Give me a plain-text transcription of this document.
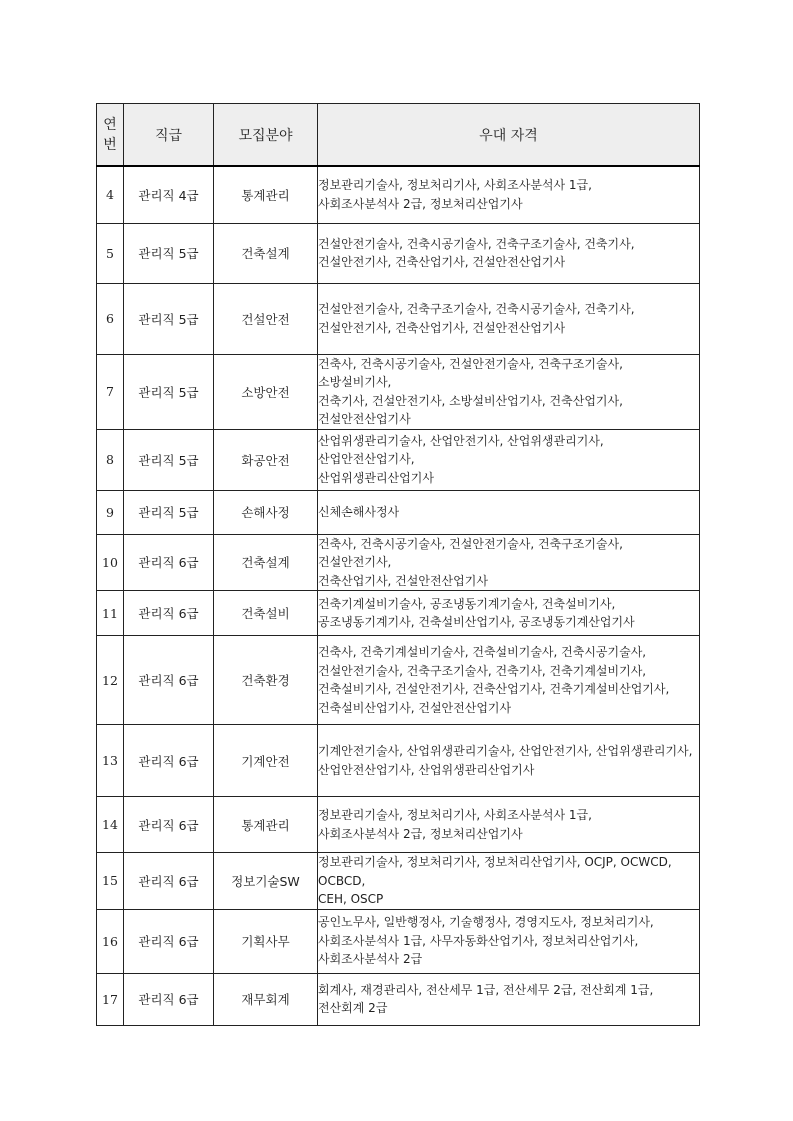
연
번	직급	모집분야	우대 자격
4	관리직 4급	통계관리	정보관리기술사, 정보처리기사, 사회조사분석사 1급,
사회조사분석사 2급, 정보처리산업기사
5	관리직 5급	건축설계	건설안전기술사, 건축시공기술사, 건축구조기술사, 건축기사,
건설안전기사, 건축산업기사, 건설안전산업기사
6	관리직 5급	건설안전	건설안전기술사, 건축구조기술사, 건축시공기술사, 건축기사,
건설안전기사, 건축산업기사, 건설안전산업기사
7	관리직 5급	소방안전	건축사, 건축시공기술사, 건설안전기술사, 건축구조기술사, 소방설비기사,
건축기사, 건설안전기사, 소방설비산업기사, 건축산업기사,
건설안전산업기사
8	관리직 5급	화공안전	산업위생관리기술사, 산업안전기사, 산업위생관리기사, 산업안전산업기사,
산업위생관리산업기사
9	관리직 5급	손해사정	신체손해사정사
10	관리직 6급	건축설계	건축사, 건축시공기술사, 건설안전기술사, 건축구조기술사, 건설안전기사,
건축산업기사, 건설안전산업기사
11	관리직 6급	건축설비	건축기계설비기술사, 공조냉동기계기술사, 건축설비기사,
공조냉동기계기사, 건축설비산업기사, 공조냉동기계산업기사
12	관리직 6급	건축환경	건축사, 건축기계설비기술사, 건축설비기술사, 건축시공기술사,
건설안전기술사, 건축구조기술사, 건축기사, 건축기계설비기사,
건축설비기사, 건설안전기사, 건축산업기사, 건축기계설비산업기사,
건축설비산업기사, 건설안전산업기사
13	관리직 6급	기계안전	기계안전기술사, 산업위생관리기술사, 산업안전기사, 산업위생관리기사,
산업안전산업기사, 산업위생관리산업기사
14	관리직 6급	통계관리	정보관리기술사, 정보처리기사, 사회조사분석사 1급,
사회조사분석사 2급, 정보처리산업기사
15	관리직 6급	정보기술SW	정보관리기술사, 정보처리기사, 정보처리산업기사, OCJP, OCWCD, OCBCD,
CEH, OSCP
16	관리직 6급	기획사무	공인노무사, 일반행정사, 기술행정사, 경영지도사, 정보처리기사,
사회조사분석사 1급, 사무자동화산업기사, 정보처리산업기사,
사회조사분석사 2급
17	관리직 6급	재무회계	회계사, 재경관리사, 전산세무 1급, 전산세무 2급, 전산회계 1급,
전산회계 2급
